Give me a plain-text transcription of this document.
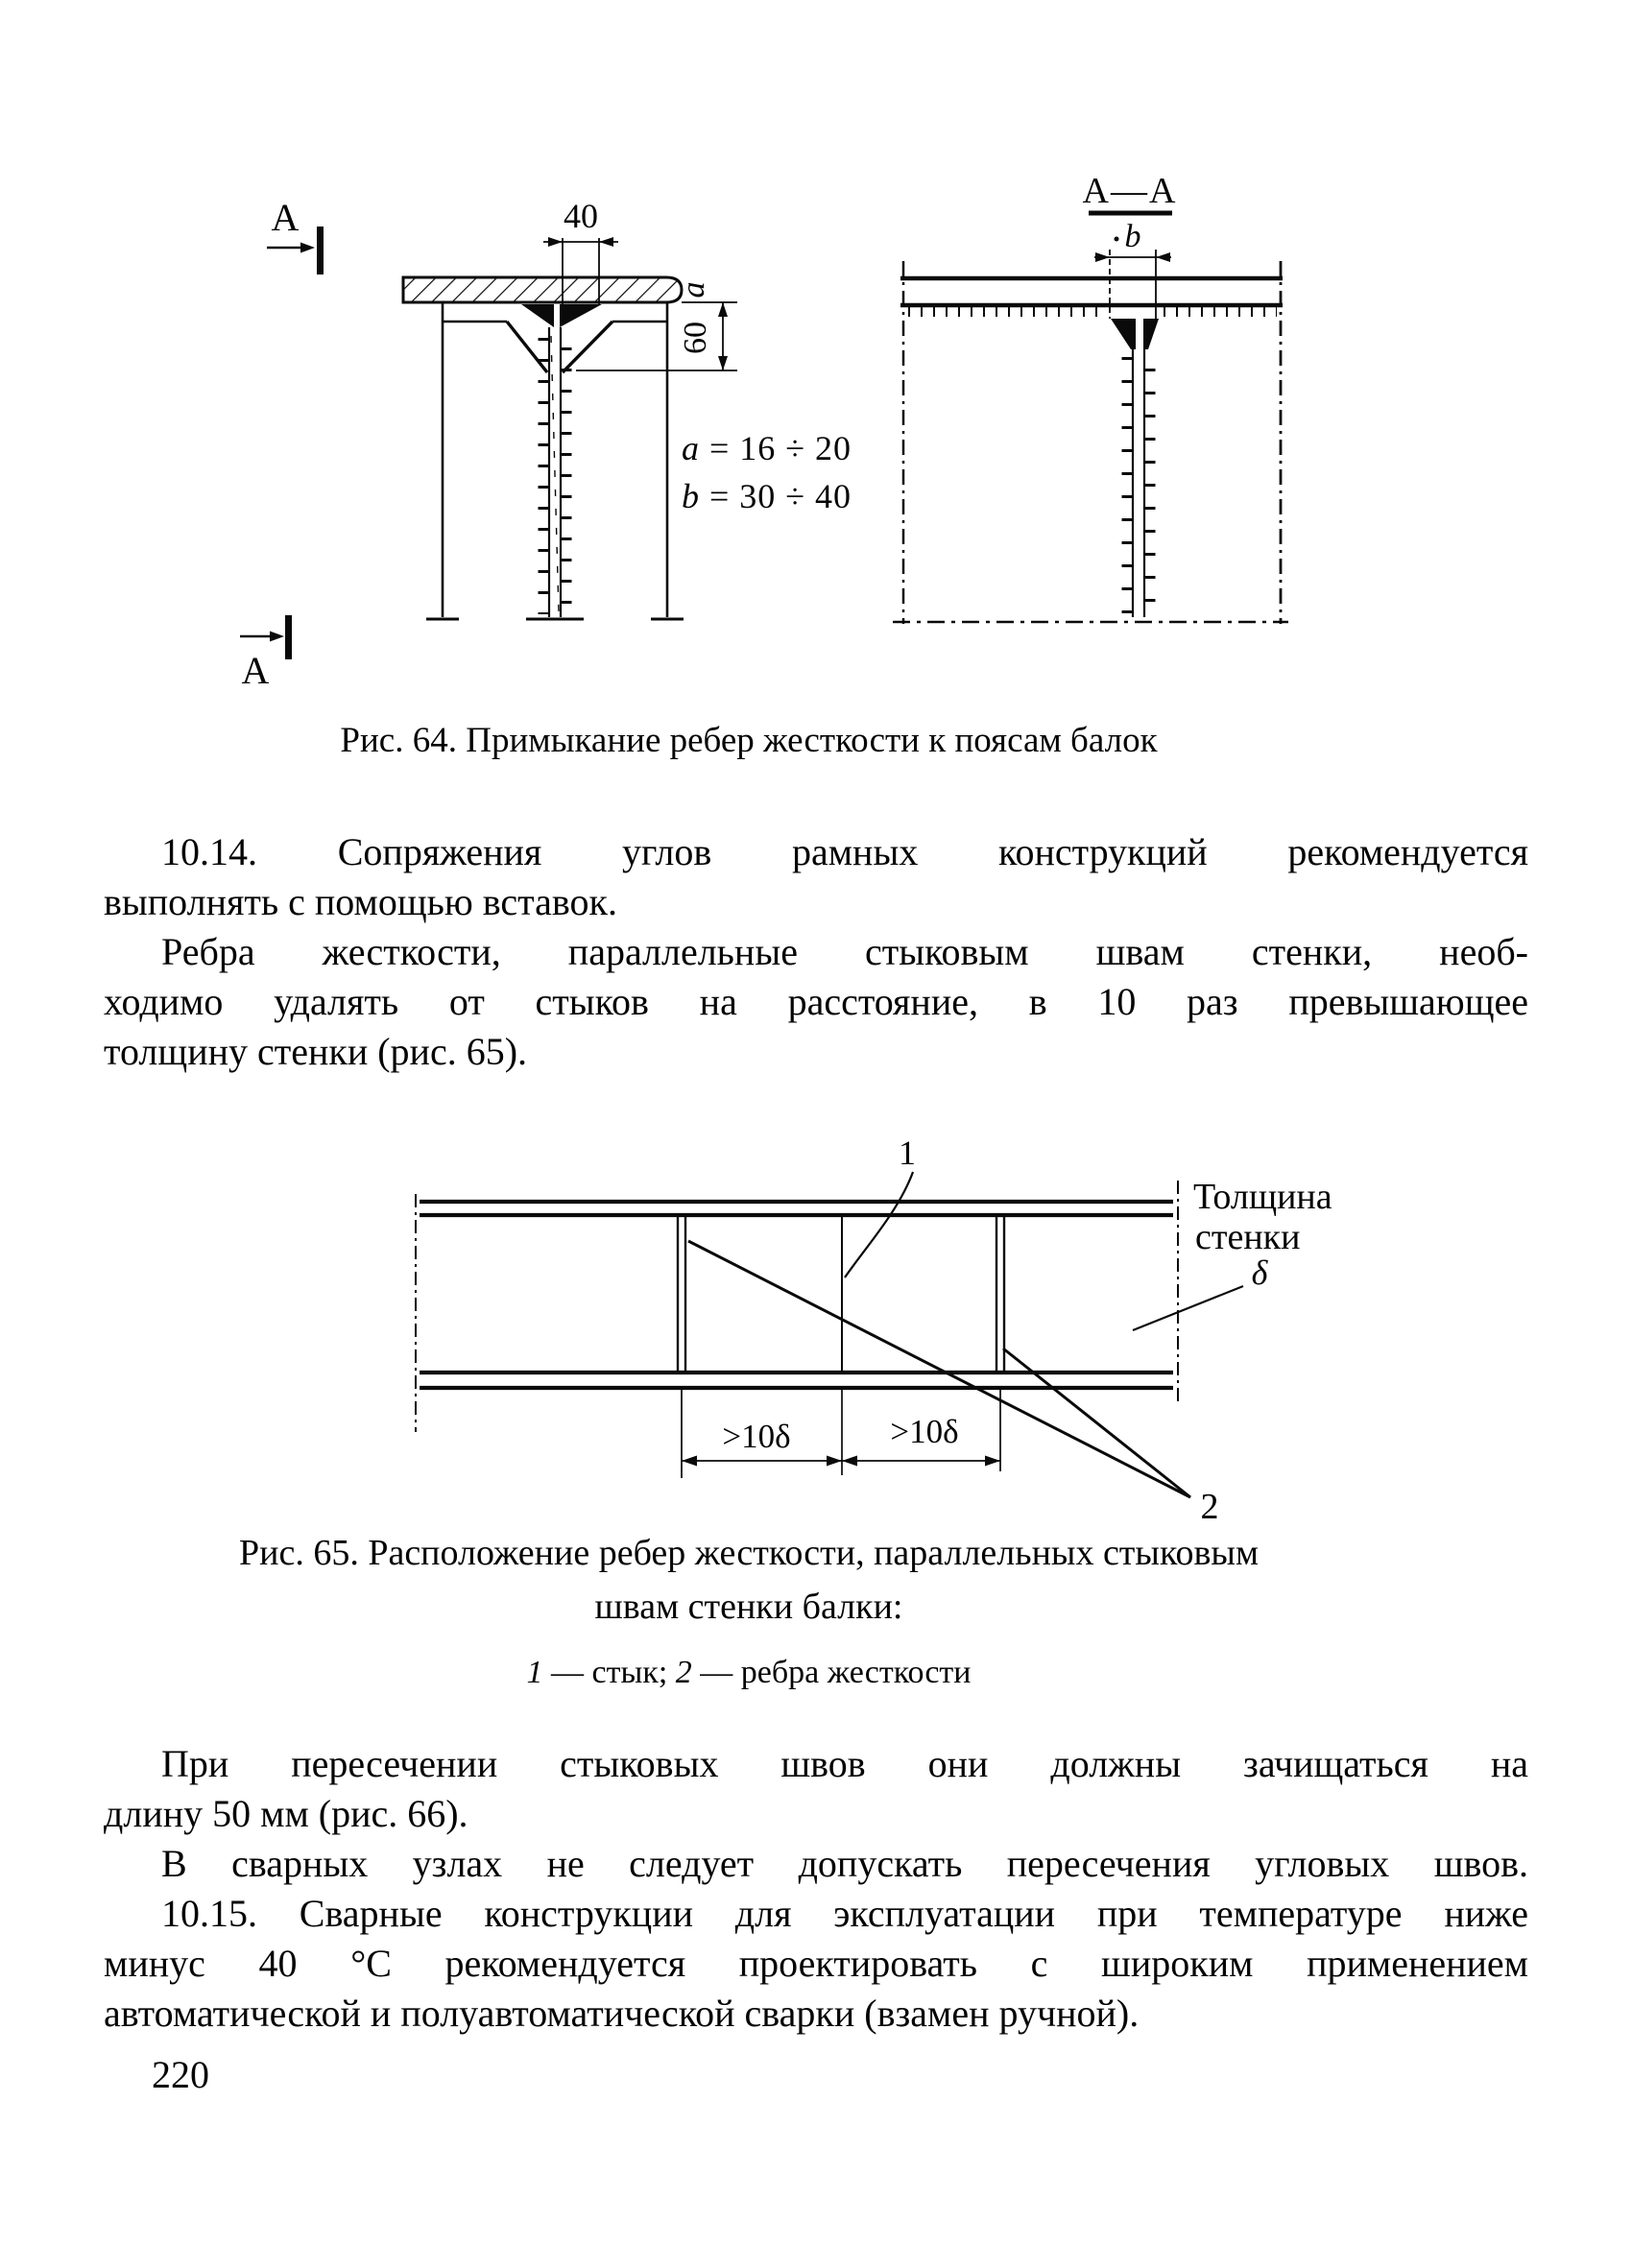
А
А
40
a
60
А—А
b
a = 16 ÷ 20
b = 30 ÷ 40
Рис. 64. Примыкание ребер жесткости к поясам балок
10.14. Сопряжения углов рамных конструкций рекомендуется
выполнять с помощью вставок.
Ребра жесткости, параллельные стыковым швам стенки, необ-
ходимо удалять от стыков на расстояние, в 10 раз превышающее
толщину стенки (рис. 65).
1
2
>10δ	>10δ
Толщина
стенки
δ
Рис. 65. Расположение ребер жесткости, параллельных стыковым
швам стенки балки:
1 — стык; 2 — ребра жесткости
При пересечении стыковых швов они должны зачищаться на
длину 50 мм (рис. 66).
В сварных узлах не следует допускать пересечения угловых швов.
10.15. Сварные конструкции для эксплуатации при температуре ниже
минус 40 °С рекомендуется проектировать с широким применением
автоматической и полуавтоматической сварки (взамен ручной).
220
